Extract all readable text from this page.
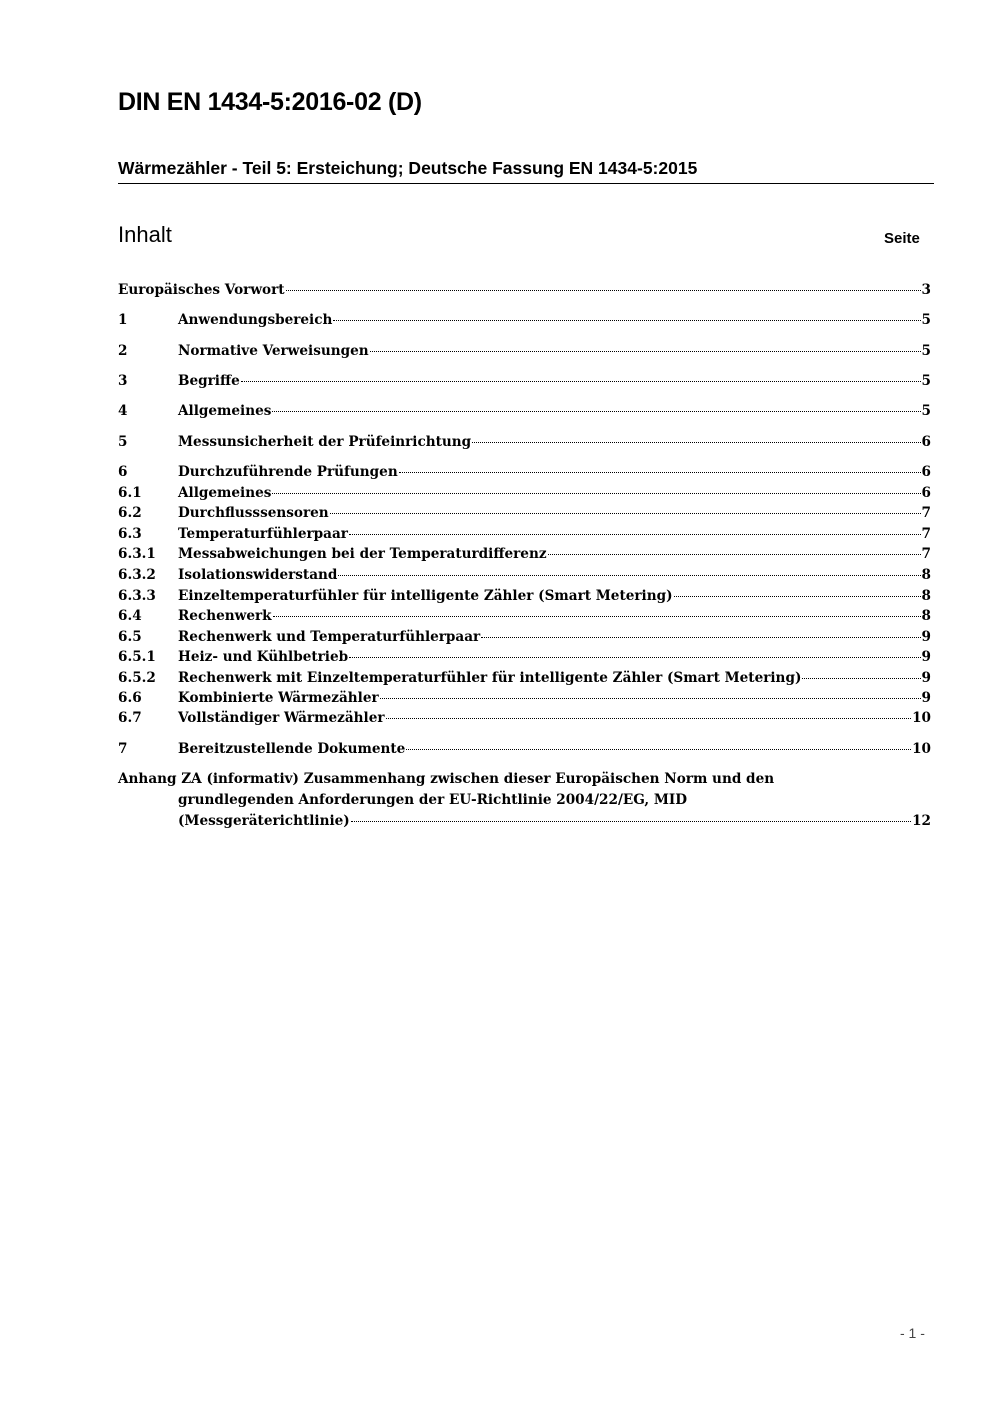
DIN EN 1434-5:2016-02 (D)
Wärmezähler - Teil 5: Ersteichung; Deutsche Fassung EN 1434-5:2015
Inhalt	Seite
Europäisches Vorwort	3
1	Anwendungsbereich	5
2	Normative Verweisungen	5
3	Begriffe	5
4	Allgemeines	5
5	Messunsicherheit der Prüfeinrichtung	6
6	Durchzuführende Prüfungen	6
6.1	Allgemeines	6
6.2	Durchflusssensoren	7
6.3	Temperaturfühlerpaar	7
6.3.1 Messabweichungen bei der Temperaturdifferenz	7
6.3.2 Isolationswiderstand	8
6.3.3 Einzeltemperaturfühler für intelligente Zähler (Smart Metering)	8
6.4	Rechenwerk	8
6.5	Rechenwerk und Temperaturfühlerpaar	9
6.5.1 Heiz- und Kühlbetrieb	9
6.5.2 Rechenwerk mit Einzeltemperaturfühler für intelligente Zähler (Smart Metering)	9
6.6	Kombinierte Wärmezähler	9
6.7	Vollständiger Wärmezähler	10
7	Bereitzustellende Dokumente	10
Anhang ZA (informativ) Zusammenhang zwischen dieser Europäischen Norm und den
grundlegenden Anforderungen der EU-Richtlinie 2004/22/EG, MID
(Messgeräterichtlinie)	12
- 1 -
